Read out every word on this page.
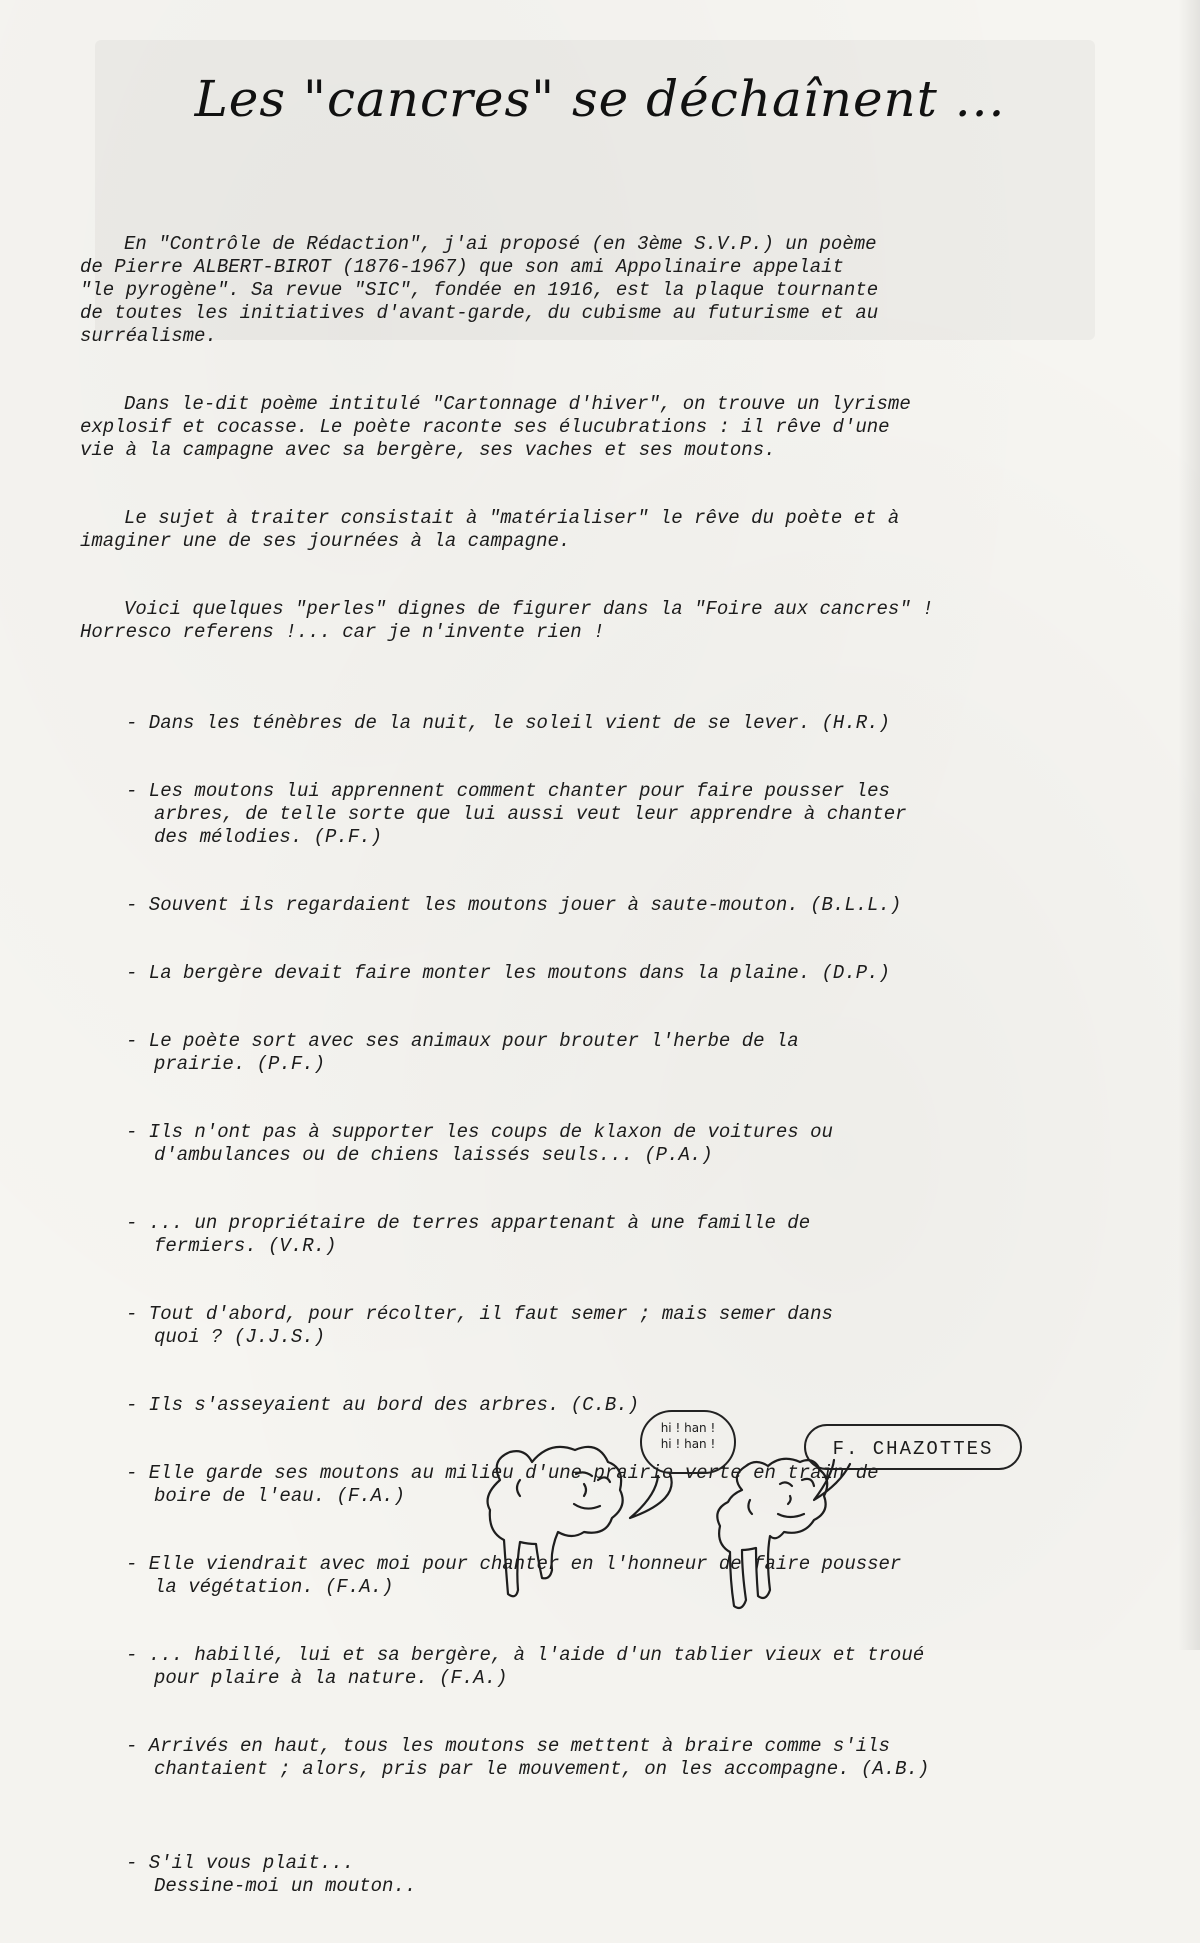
Les "cancres" se déchaînent ...

En "Contrôle de Rédaction", j'ai proposé (en 3ème S.V.P.) un poème
de Pierre ALBERT-BIROT (1876-1967) que son ami Appolinaire appelait
"le pyrogène". Sa revue "SIC", fondée en 1916, est la plaque tournante
de toutes les initiatives d'avant-garde, du cubisme au futurisme et au
surréalisme.

Dans le-dit poème intitulé "Cartonnage d'hiver", on trouve un lyrisme
explosif et cocasse. Le poète raconte ses élucubrations : il rêve d'une
vie à la campagne avec sa bergère, ses vaches et ses moutons.

Le sujet à traiter consistait à "matérialiser" le rêve du poète et à
imaginer une de ses journées à la campagne.

Voici quelques "perles" dignes de figurer dans la "Foire aux cancres" !
Horresco referens !... car je n'invente rien !

- Dans les ténèbres de la nuit, le soleil vient de se lever. (H.R.)

- Les moutons lui apprennent comment chanter pour faire pousser les
arbres, de telle sorte que lui aussi veut leur apprendre à chanter
des mélodies. (P.F.)

- Souvent ils regardaient les moutons jouer à saute-mouton. (B.L.L.)

- La bergère devait faire monter les moutons dans la plaine. (D.P.)

- Le poète sort avec ses animaux pour brouter l'herbe de la
prairie. (P.F.)

- Ils n'ont pas à supporter les coups de klaxon de voitures ou
d'ambulances ou de chiens laissés seuls... (P.A.)

- ... un propriétaire de terres appartenant à une famille de
fermiers. (V.R.)

- Tout d'abord, pour récolter, il faut semer ; mais semer dans
quoi ? (J.J.S.)

- Ils s'asseyaient au bord des arbres. (C.B.)

- Elle garde ses moutons au milieu d'une prairie verte en train de
boire de l'eau. (F.A.)

- Elle viendrait avec moi pour chanter en l'honneur de faire pousser
la végétation. (F.A.)

- ... habillé, lui et sa bergère, à l'aide d'un tablier vieux et troué
pour plaire à la nature. (F.A.)

- Arrivés en haut, tous les moutons se mettent à braire comme s'ils
chantaient ; alors, pris par le mouvement, on les accompagne. (A.B.)

- S'il vous plait...
Dessine-moi un mouton..

hi ! han !
hi ! han !	F. CHAZOTTES
